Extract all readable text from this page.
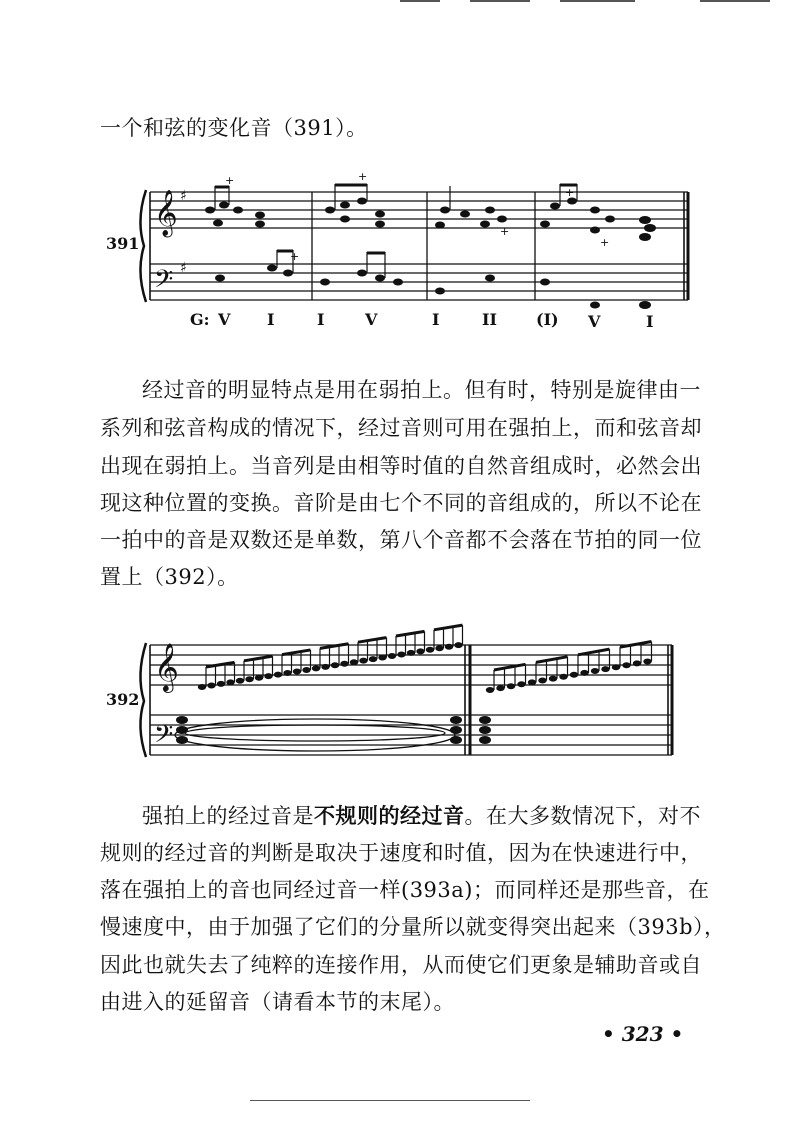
一个和弦的变化音（391）。
391
𝄞
𝄢
♯
♯
+	+
+
+
+
+
G: V I	I	V	I	II (I) V	I
经过音的明显特点是用在弱拍上。但有时，特别是旋律由一
系列和弦音构成的情况下，经过音则可用在强拍上，而和弦音却
出现在弱拍上。当音列是由相等时值的自然音组成时，必然会出
现这种位置的变换。音阶是由七个不同的音组成的，所以不论在
一拍中的音是双数还是单数，第八个音都不会落在节拍的同一位
置上（392）。
392
𝄞
𝄢
强拍上的经过音是不规则的经过音。在大多数情况下，对不
规则的经过音的判断是取决于速度和时值，因为在快速进行中，
落在强拍上的音也同经过音一样(393a)；而同样还是那些音，在
慢速度中，由于加强了它们的分量所以就变得突出起来（393b），
因此也就失去了纯粹的连接作用，从而使它们更象是辅助音或自
由进入的延留音（请看本节的末尾）。
• 323 •
